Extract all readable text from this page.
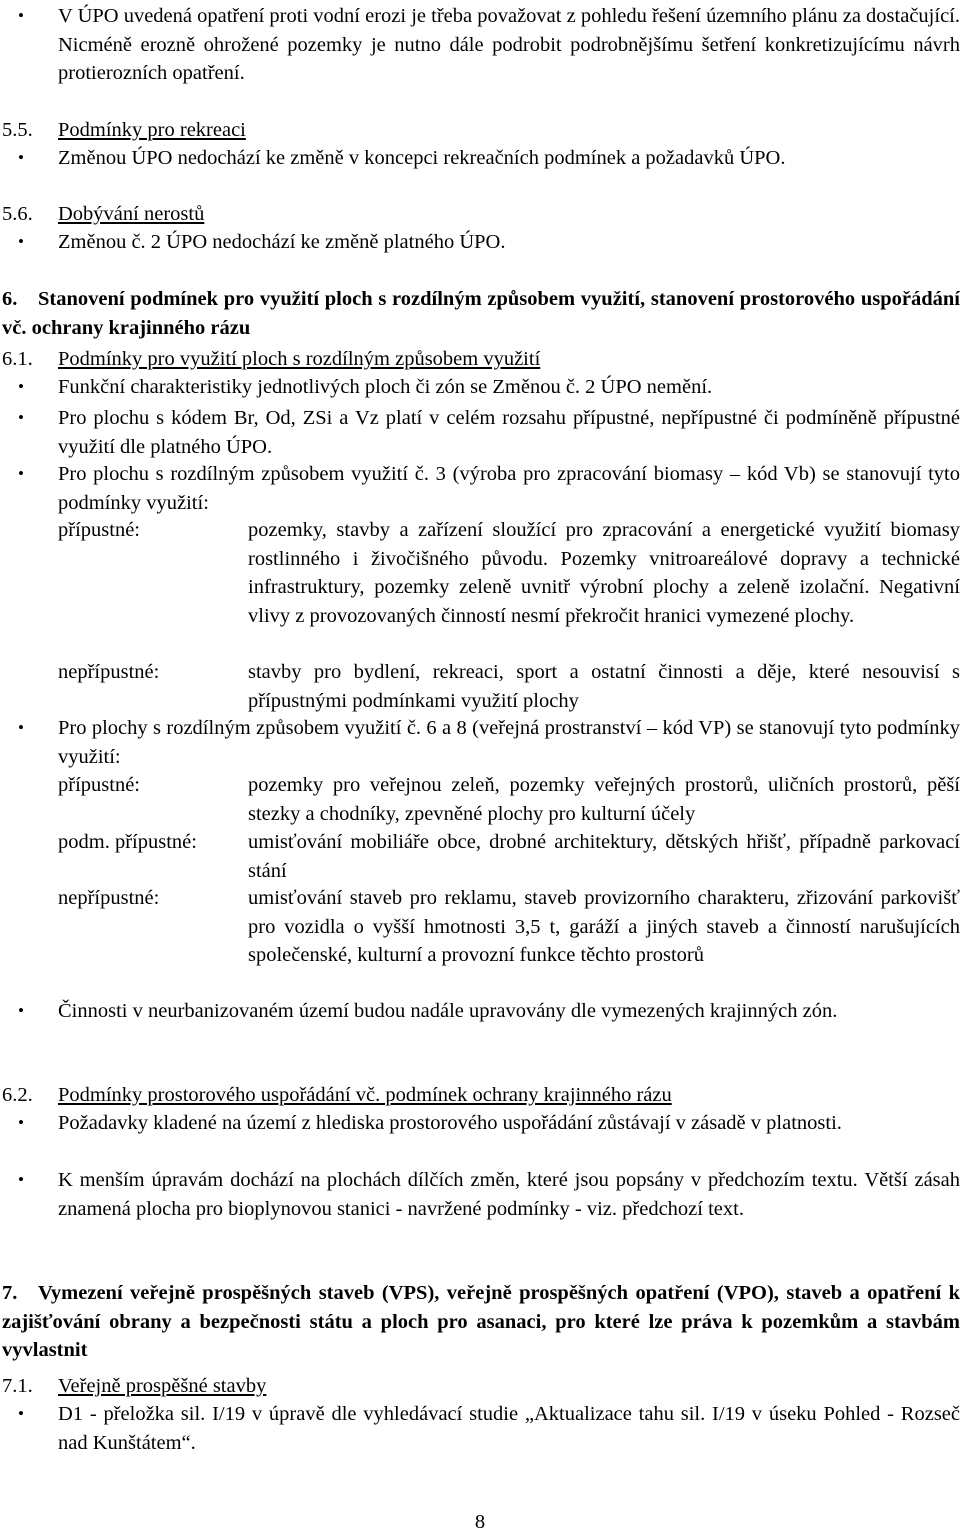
• V ÚPO uvedená opatření proti vodní erozi je třeba považovat z pohledu řešení územního plánu za dostačující. Nicméně erozně ohrožené pozemky je nutno dále podrobit podrobnějšímu šetření konkretizujícímu návrh protierozních opatření.
5.5. Podmínky pro rekreaci
• Změnou ÚPO nedochází ke změně v koncepci rekreačních podmínek a požadavků ÚPO.
5.6. Dobývání nerostů
• Změnou č. 2 ÚPO nedochází ke změně platného ÚPO.
6. Stanovení podmínek pro využití ploch s rozdílným způsobem využití, stanovení prostorového uspořádání vč. ochrany krajinného rázu
6.1. Podmínky pro využití ploch s rozdílným způsobem využití
• Funkční charakteristiky jednotlivých ploch či zón se Změnou č. 2 ÚPO nemění.
• Pro plochu s kódem Br, Od, ZSi a Vz platí v celém rozsahu přípustné, nepřípustné či podmíněně přípustné využití dle platného ÚPO.
• Pro plochu s rozdílným způsobem využití č. 3 (výroba pro zpracování biomasy – kód Vb) se stanovují tyto podmínky využití:
přípustné:	pozemky, stavby a zařízení sloužící pro zpracování a energetické využití biomasy rostlinného i živočišného původu. Pozemky vnitroareálové dopravy a technické infrastruktury, pozemky zeleně uvnitř výrobní plochy a zeleně izolační. Negativní vlivy z provozovaných činností nesmí překročit hranici vymezené plochy.
nepřípustné:	stavby pro bydlení, rekreaci, sport a ostatní činnosti a děje, které nesouvisí s přípustnými podmínkami využití plochy
• Pro plochy s rozdílným způsobem využití č. 6 a 8 (veřejná prostranství – kód VP) se stanovují tyto podmínky využití:
přípustné:	pozemky pro veřejnou zeleň, pozemky veřejných prostorů, uličních prostorů, pěší stezky a chodníky, zpevněné plochy pro kulturní účely
podm. přípustné: umisťování mobiliáře obce, drobné architektury, dětských hřišť, případně parkovací stání
nepřípustné:	umisťování staveb pro reklamu, staveb provizorního charakteru, zřizování parkovišť pro vozidla o vyšší hmotnosti 3,5 t, garáží a jiných staveb a činností narušujících společenské, kulturní a provozní funkce těchto prostorů
• Činnosti v neurbanizovaném území budou nadále upravovány dle vymezených krajinných zón.
6.2. Podmínky prostorového uspořádání vč. podmínek ochrany krajinného rázu
• Požadavky kladené na území z hlediska prostorového uspořádání zůstávají v zásadě v platnosti.
• K menším úpravám dochází na plochách dílčích změn, které jsou popsány v předchozím textu. Větší zásah znamená plocha pro bioplynovou stanici - navržené podmínky - viz. předchozí text.
7. Vymezení veřejně prospěšných staveb (VPS), veřejně prospěšných opatření (VPO), staveb a opatření k zajišťování obrany a bezpečnosti státu a ploch pro asanaci, pro které lze práva k pozemkům a stavbám vyvlastnit
7.1. Veřejně prospěšné stavby
• D1 - přeložka sil. I/19 v úpravě dle vyhledávací studie „Aktualizace tahu sil. I/19 v úseku Pohled - Rozseč nad Kunštátem“.
8
